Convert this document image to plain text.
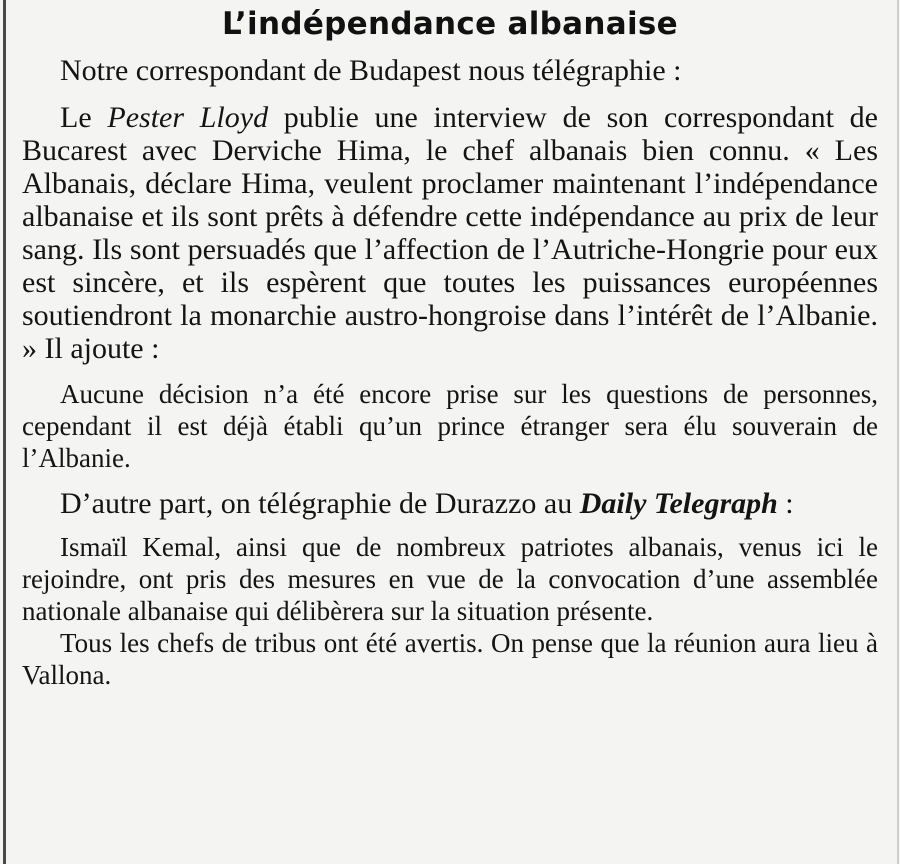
L’indépendance albanaise

Notre correspondant de Budapest nous télégraphie :

Le Pester Lloyd publie une interview de son correspondant de Bucarest avec Derviche Hima, le chef albanais bien connu. « Les Albanais, déclare Hima, veulent proclamer maintenant l’indépendance albanaise et ils sont prêts à défendre cette indépendance au prix de leur sang. Ils sont persuadés que l’affection de l’Autriche-Hongrie pour eux est sincère, et ils espèrent que toutes les puissances européennes soutiendront la monarchie austro-hongroise dans l’intérêt de l’Albanie. » Il ajoute :

Aucune décision n’a été encore prise sur les questions de personnes, cependant il est déjà établi qu’un prince étranger sera élu souverain de l’Albanie.

D’autre part, on télégraphie de Durazzo au Daily Telegraph :

Ismaïl Kemal, ainsi que de nombreux patriotes albanais, venus ici le rejoindre, ont pris des mesures en vue de la convocation d’une assemblée nationale albanaise qui délibèrera sur la situation présente.

Tous les chefs de tribus ont été avertis. On pense que la réunion aura lieu à Vallona.
